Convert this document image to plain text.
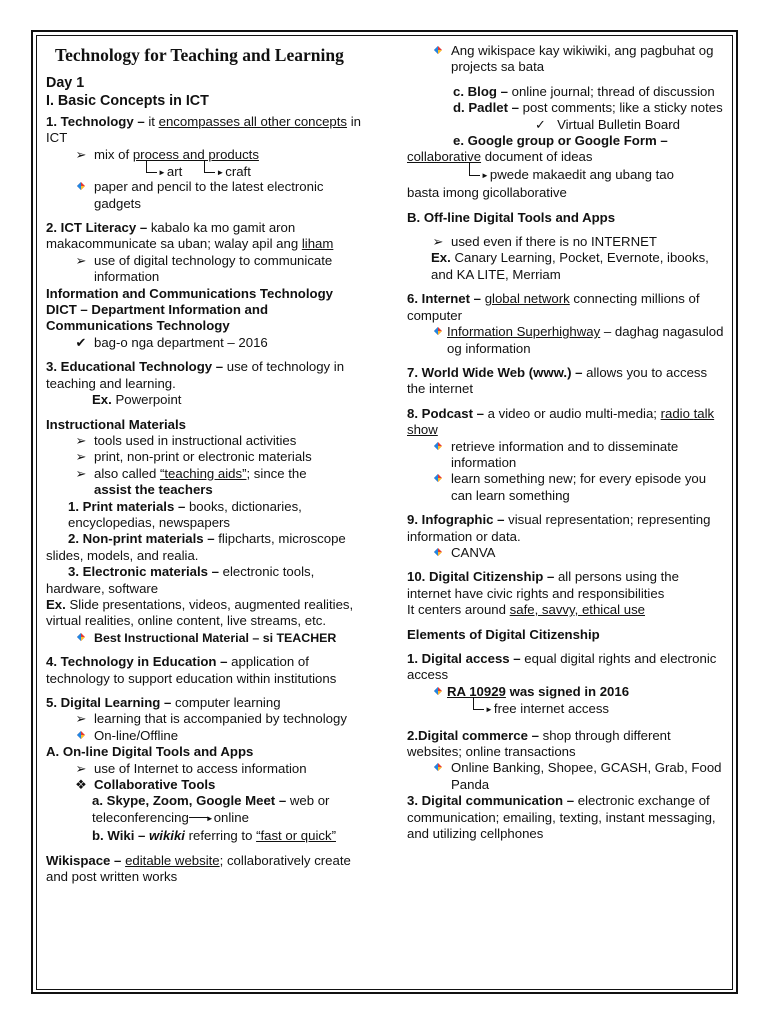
Technology for Teaching and Learning
Day 1
I. Basic Concepts in ICT

1. Technology – it encompasses all other concepts in ICT

➢ mix of process and products
►art	►craft
paper and pencil to the latest electronic gadgets

2. ICT Literacy – kabalo ka mo gamit aron makacommunicate sa uban; walay apil ang liham

➢ use of digital technology to communicate information
Information and Communications Technology
DICT – Department Information and
Communications Technology
✔ bag-o nga department – 2016

3. Educational Technology – use of technology in teaching and learning.

Ex. Powerpoint
Instructional Materials
➢ tools used in instructional activities
➢ print, non-print or electronic materials
➢ also called “teaching aids”; since the
assist the teachers

1. Print materials – books, dictionaries, encyclopedias, newspapers

2. Non-print materials – flipcharts, microscope slides, models, and realia.

3. Electronic materials – electronic tools, hardware, software

Ex. Slide presentations, videos, augmented realities, virtual realities, online content, live streams, etc.

Best Instructional Material – si TEACHER

4. Technology in Education – application of technology to support education within institutions

5. Digital Learning – computer learning

➢ learning that is accompanied by technology
On-line/Offline
A. On-line Digital Tools and Apps
➢ use of Internet to access information
❖ Collaborative Tools

a. Skype, Zoom, Google Meet – web or teleconferencing ►online

b. Wiki – wikiki referring to “fast or quick”

Wikispace – editable website; collaboratively create and post written works

Ang wikispace kay wikiwiki, ang pagbuhat og projects sa bata

c. Blog – online journal; thread of discussion

d. Padlet – post comments; like a sticky notes

✓ Virtual Bulletin Board

e. Google group or Google Form –
collaborative document of ideas

►pwede makaedit ang ubang tao
basta imong gicollaborative
B. Off-line Digital Tools and Apps
➢ used even if there is no INTERNET

Ex. Canary Learning, Pocket, Evernote, ibooks, and KA LITE, Merriam

6. Internet – global network connecting millions of computer

Information Superhighway – daghag nagasulod og information

7. World Wide Web (www.) – allows you to access the internet

8. Podcast – a video or audio multi-media; radio talk show

retrieve information and to disseminate information
learn something new; for every episode you can learn something

9. Infographic – visual representation; representing information or data.

CANVA

10. Digital Citizenship – all persons using the internet have civic rights and responsibilities

It centers around safe, savvy, ethical use

Elements of Digital Citizenship

1. Digital access – equal digital rights and electronic access

RA 10929 was signed in 2016
►free internet access

2.Digital commerce – shop through different websites; online transactions

Online Banking, Shopee, GCASH, Grab, Food Panda

3. Digital communication – electronic exchange of communication; emailing, texting, instant messaging, and utilizing cellphones
